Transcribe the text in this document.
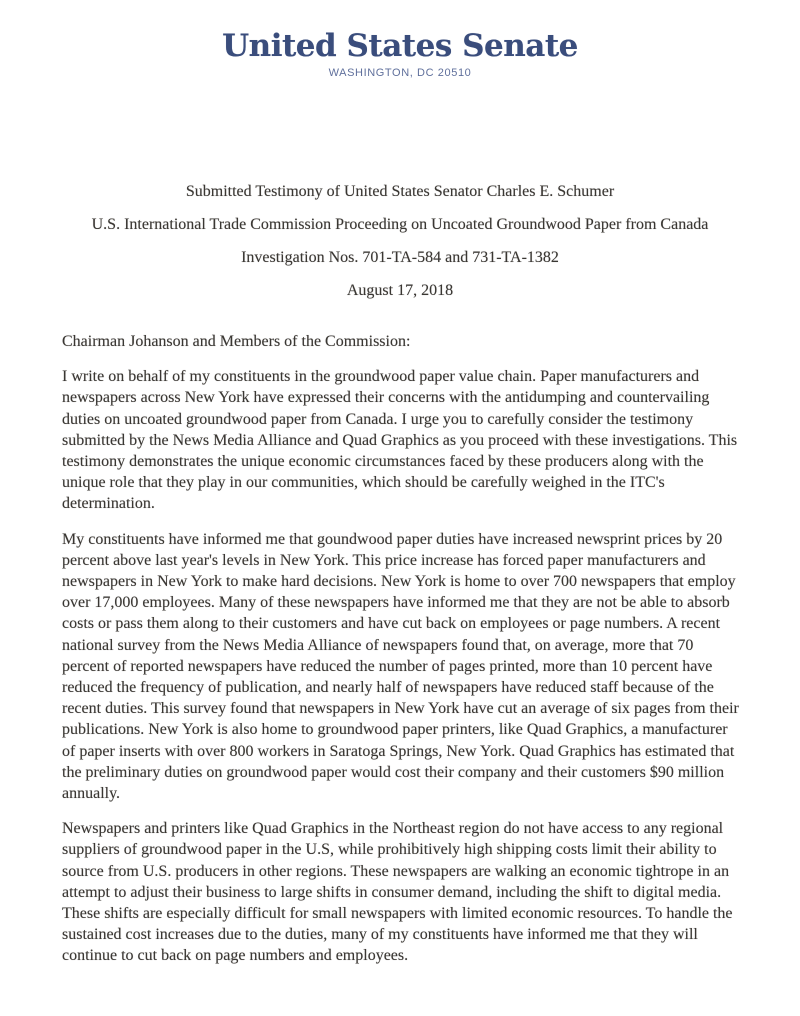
United States Senate
WASHINGTON, DC 20510
Submitted Testimony of United States Senator Charles E. Schumer
U.S. International Trade Commission Proceeding on Uncoated Groundwood Paper from Canada
Investigation Nos. 701-TA-584 and 731-TA-1382
August 17, 2018

Chairman Johanson and Members of the Commission:

I write on behalf of my constituents in the groundwood paper value chain. Paper manufacturers and newspapers across New York have expressed their concerns with the antidumping and countervailing duties on uncoated groundwood paper from Canada. I urge you to carefully consider the testimony submitted by the News Media Alliance and Quad Graphics as you proceed with these investigations. This testimony demonstrates the unique economic circumstances faced by these producers along with the unique role that they play in our communities, which should be carefully weighed in the ITC's determination.

My constituents have informed me that goundwood paper duties have increased newsprint prices by 20 percent above last year's levels in New York. This price increase has forced paper manufacturers and newspapers in New York to make hard decisions. New York is home to over 700 newspapers that employ over 17,000 employees. Many of these newspapers have informed me that they are not be able to absorb costs or pass them along to their customers and have cut back on employees or page numbers. A recent national survey from the News Media Alliance of newspapers found that, on average, more that 70 percent of reported newspapers have reduced the number of pages printed, more than 10 percent have reduced the frequency of publication, and nearly half of newspapers have reduced staff because of the recent duties. This survey found that newspapers in New York have cut an average of six pages from their publications. New York is also home to groundwood paper printers, like Quad Graphics, a manufacturer of paper inserts with over 800 workers in Saratoga Springs, New York. Quad Graphics has estimated that the preliminary duties on groundwood paper would cost their company and their customers $90 million annually.

Newspapers and printers like Quad Graphics in the Northeast region do not have access to any regional suppliers of groundwood paper in the U.S, while prohibitively high shipping costs limit their ability to source from U.S. producers in other regions. These newspapers are walking an economic tightrope in an attempt to adjust their business to large shifts in consumer demand, including the shift to digital media. These shifts are especially difficult for small newspapers with limited economic resources. To handle the sustained cost increases due to the duties, many of my constituents have informed me that they will continue to cut back on page numbers and employees.
